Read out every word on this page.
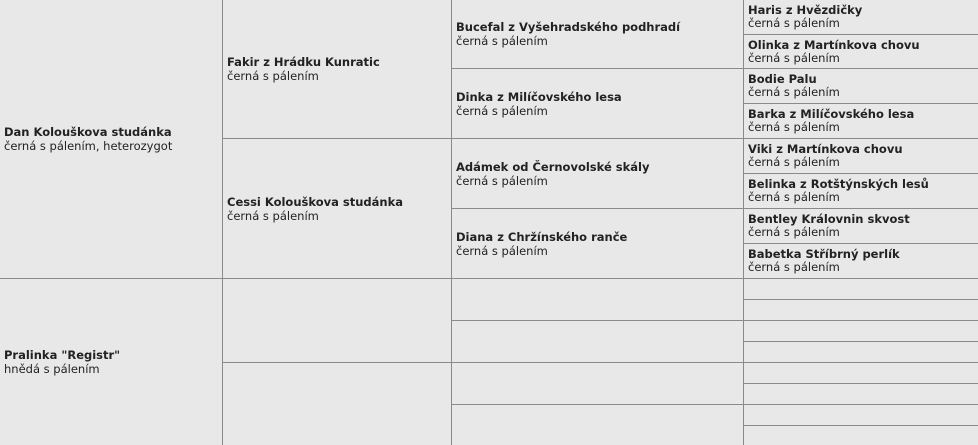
Dan Kolouškova studánka
černá s pálením, heterozygot
Pralinka "Registr"
hnědá s pálením
Fakir z Hrádku Kunratic
černá s pálením
Cessi Kolouškova studánka
černá s pálením
Bucefal z Vyšehradského podhradí
černá s pálením
Dinka z Milíčovského lesa
černá s pálením
Adámek od Černovolské skály
černá s pálením
Diana z Chržínského ranče
černá s pálením
Haris z Hvězdičky
černá s pálením
Olinka z Martínkova chovu
černá s pálením
Bodie Palu
černá s pálením
Barka z Milíčovského lesa
černá s pálením
Viki z Martínkova chovu
černá s pálením
Belinka z Rotštýnských lesů
černá s pálením
Bentley Královnin skvost
černá s pálením
Babetka Stříbrný perlík
černá s pálením
